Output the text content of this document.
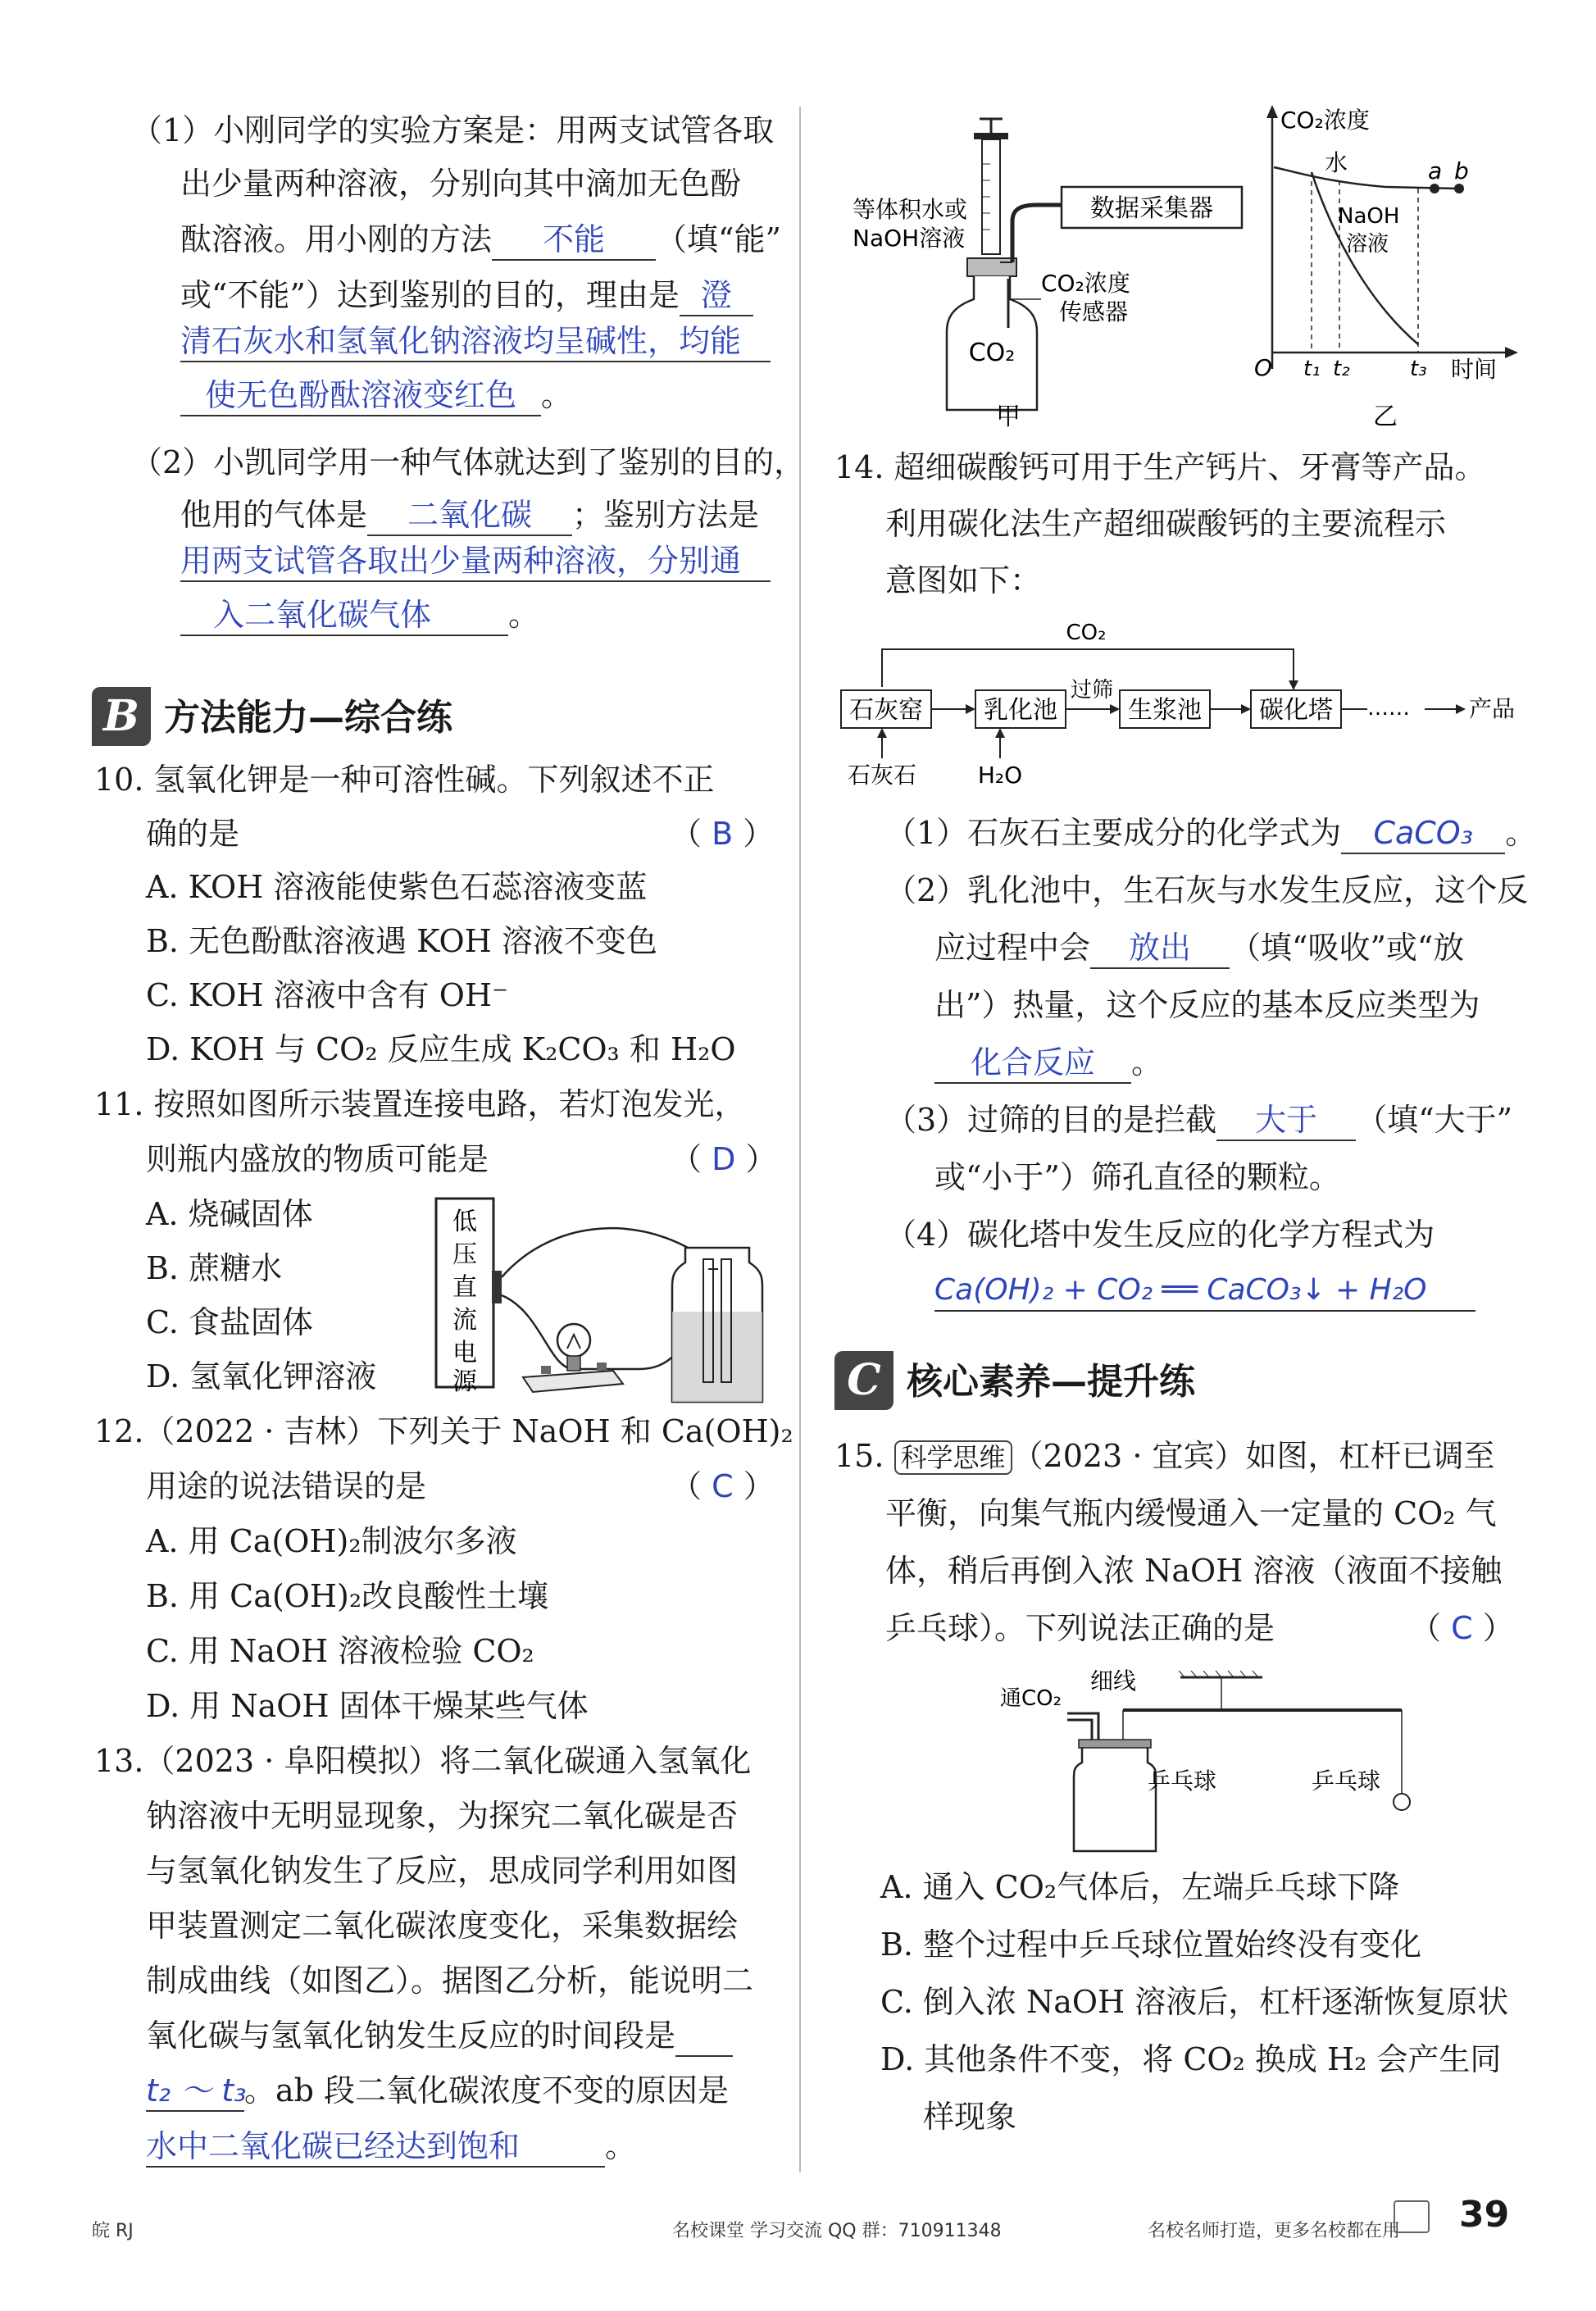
（1）小刚同学的实验方案是：用两支试管各取
出少量两种溶液，分别向其中滴加无色酚
酞溶液。用小刚的方法 不能 （填“能”
或“不能”）达到鉴别的目的，理由是 澄
清石灰水和氢氧化钠溶液均呈碱性，均能
使无色酚酞溶液变红色 。
（2）小凯同学用一种气体就达到了鉴别的目的，
他用的气体是 二氧化碳 ；鉴别方法是
用两支试管各取出少量两种溶液，分别通
入二氧化碳气体 。
B 方法能力—综合练
10. 氢氧化钾是一种可溶性碱。下列叙述不正
确的是	（ B ）
A. KOH 溶液能使紫色石蕊溶液变蓝
B. 无色酚酞溶液遇 KOH 溶液不变色
C. KOH 溶液中含有 OH⁻
D. KOH 与 CO₂ 反应生成 K₂CO₃ 和 H₂O
11. 按照如图所示装置连接电路，若灯泡发光，
则瓶内盛放的物质可能是	（ D ）
A. 烧碱固体
B. 蔗糖水
C. 食盐固体
D. 氢氧化钾溶液
低
压
直
流
电
源
12.（2022 · 吉林）下列关于 NaOH 和 Ca(OH)₂
用途的说法错误的是	（ C ）
A. 用 Ca(OH)₂制波尔多液
B. 用 Ca(OH)₂改良酸性土壤
C. 用 NaOH 溶液检验 CO₂
D. 用 NaOH 固体干燥某些气体
13.（2023 · 阜阳模拟）将二氧化碳通入氢氧化
钠溶液中无明显现象，为探究二氧化碳是否
与氢氧化钠发生了反应，思成同学利用如图
甲装置测定二氧化碳浓度变化，采集数据绘
制成曲线（如图乙）。据图乙分析，能说明二
氧化碳与氢氧化钠发生反应的时间段是
t₂ ～ t₃。ab 段二氧化碳浓度不变的原因是
水中二氧化碳已经达到饱和	。
等体积水或
NaOH溶液
CO₂
数据采集器
CO₂浓度
传感器
甲
CO₂浓度
水
NaOH
溶液
a b
O t₁ t₂	t₃ 时间
乙
14. 超细碳酸钙可用于生产钙片、牙膏等产品。
利用碳化法生产超细碳酸钙的主要流程示
意图如下：
CO₂
石灰窑 乳化池
过筛
生浆池 碳化塔 ……	产品
石灰石	H₂O
（1）石灰石主要成分的化学式为 CaCO₃ 。
（2）乳化池中，生石灰与水发生反应，这个反
应过程中会 放出 （填“吸收”或“放
出”）热量，这个反应的基本反应类型为
化合反应 。
（3）过筛的目的是拦截 大于 （填“大于”
或“小于”）筛孔直径的颗粒。
（4）碳化塔中发生反应的化学方程式为
Ca(OH)₂ + CO₂ ══ CaCO₃↓ + H₂O
C 核心素养—提升练
15. 科学思维 （2023 · 宜宾）如图，杠杆已调至
平衡，向集气瓶内缓慢通入一定量的 CO₂ 气
体，稍后再倒入浓 NaOH 溶液（液面不接触
乒乓球）。下列说法正确的是	（ C ）
通CO₂
细线
乒乓球	乒乓球
A. 通入 CO₂气体后，左端乒乓球下降
B. 整个过程中乒乓球位置始终没有变化
C. 倒入浓 NaOH 溶液后，杠杆逐渐恢复原状
D. 其他条件不变，将 CO₂ 换成 H₂ 会产生同
样现象
皖 RJ	名校课堂 学习交流 QQ 群：710911348	名校名师打造，更多名校都在用 39
